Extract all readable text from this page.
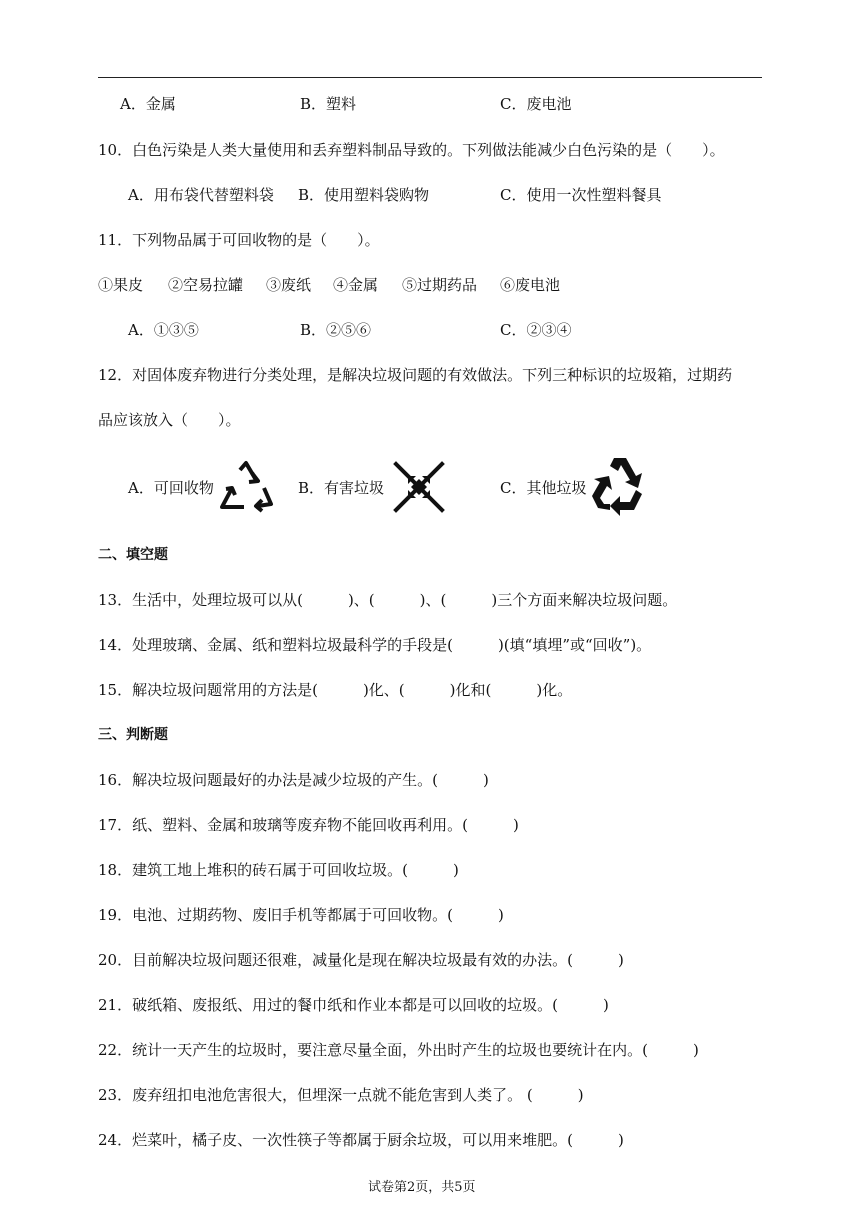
A．金属	B．塑料	C．废电池
10．白色污染是人类大量使用和丢弃塑料制品导致的。下列做法能减少白色污染的是（　　）。
A．用布袋代替塑料袋 B．使用塑料袋购物	C．使用一次性塑料餐具
11．下列物品属于可回收物的是（　　）。
①果皮 ②空易拉罐 ③废纸 ④金属 ⑤过期药品 ⑥废电池
A．①③⑤	B．②⑤⑥	C．②③④
12．对固体废弃物进行分类处理，是解决垃圾问题的有效做法。下列三种标识的垃圾箱，过期药
品应该放入（　　）。
A．可回收物	B．有害垃圾	C．其他垃圾
二、填空题
13．生活中，处理垃圾可以从(　　　)、(　　　)、(　　　)三个方面来解决垃圾问题。
14．处理玻璃、金属、纸和塑料垃圾最科学的手段是(　　　)(填“填埋”或“回收”)。
15．解决垃圾问题常用的方法是(　　　)化、(　　　)化和(　　　)化。
三、判断题
16．解决垃圾问题最好的办法是减少垃圾的产生。(　　　)
17．纸、塑料、金属和玻璃等废弃物不能回收再利用。(　　　)
18．建筑工地上堆积的砖石属于可回收垃圾。(　　　)
19．电池、过期药物、废旧手机等都属于可回收物。(　　　)
20．目前解决垃圾问题还很难，减量化是现在解决垃圾最有效的办法。(　　　)
21．破纸箱、废报纸、用过的餐巾纸和作业本都是可以回收的垃圾。(　　　)
22．统计一天产生的垃圾时，要注意尽量全面，外出时产生的垃圾也要统计在内。(　　　)
23．废弃纽扣电池危害很大，但埋深一点就不能危害到人类了。 (　　　)
24．烂菜叶，橘子皮、一次性筷子等都属于厨余垃圾，可以用来堆肥。(　　　)
试卷第2页，共5页
